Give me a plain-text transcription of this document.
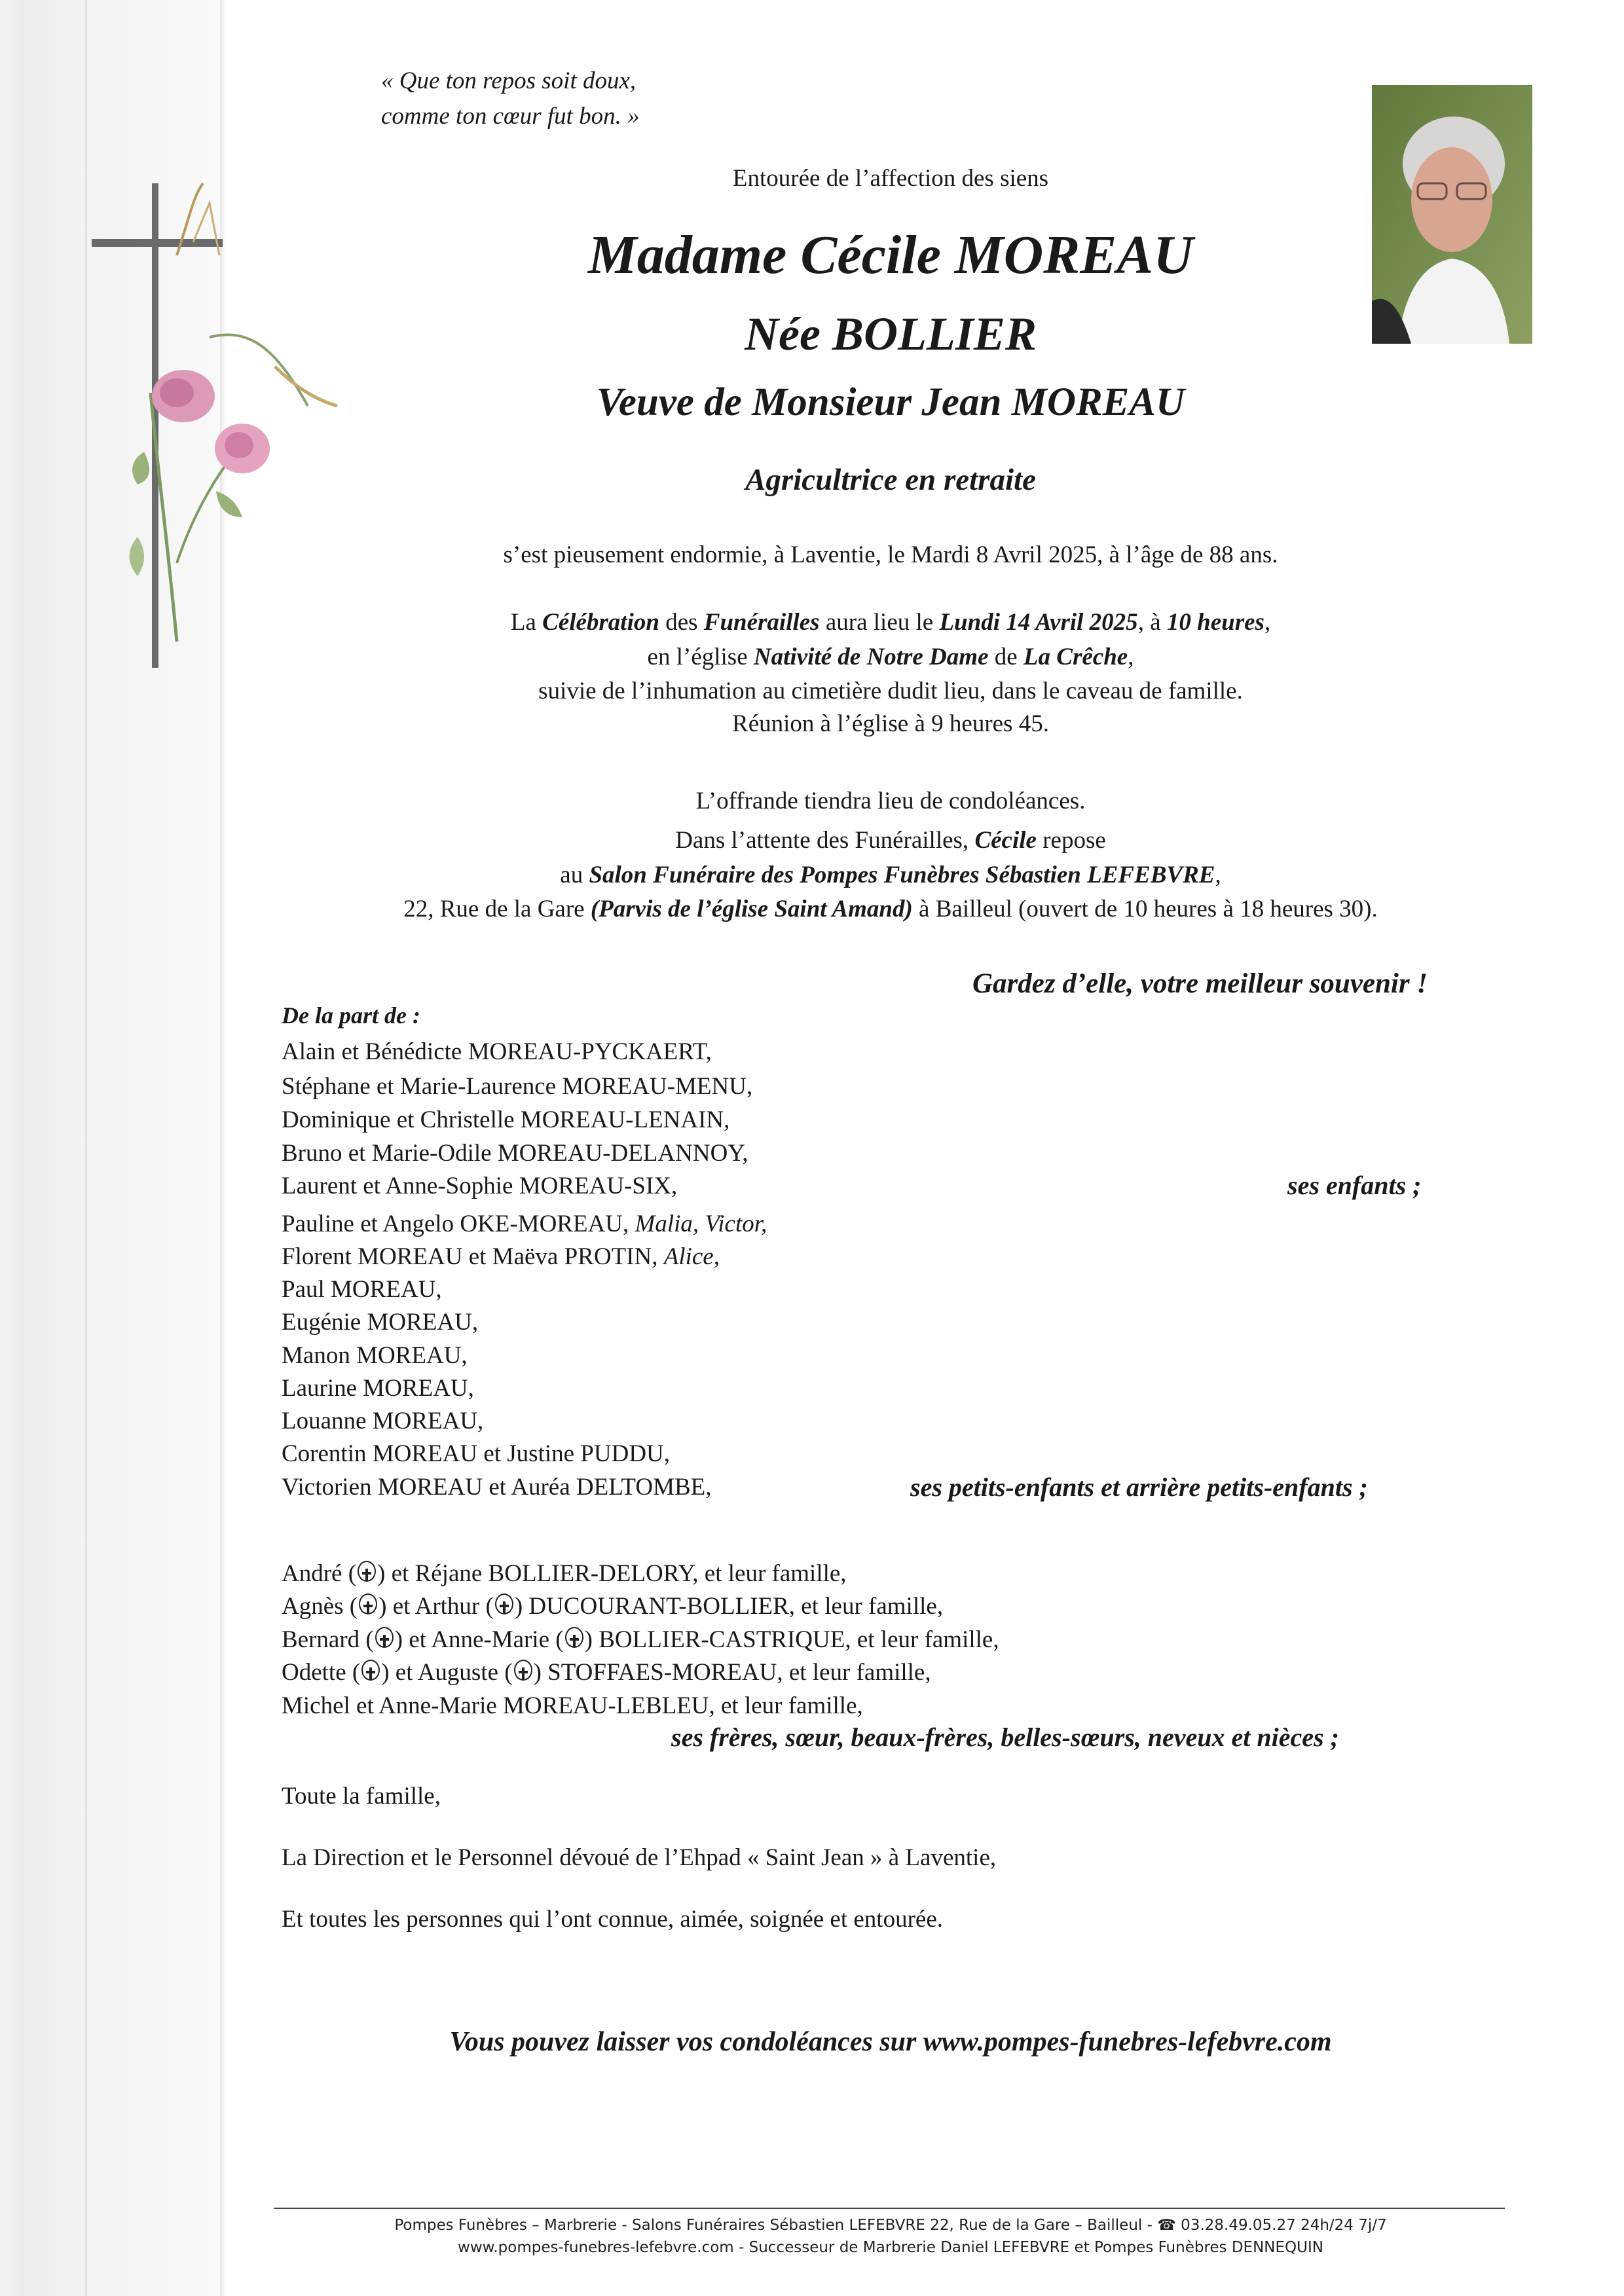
« Que ton repos soit doux,
comme ton cœur fut bon. »
Entourée de l’affection des siens
Madame Cécile MOREAU
Née BOLLIER
Veuve de Monsieur Jean MOREAU
Agricultrice en retraite
s’est pieusement endormie, à Laventie, le Mardi 8 Avril 2025, à l’âge de 88 ans.
La Célébration des Funérailles aura lieu le Lundi 14 Avril 2025, à 10 heures,
en l’église Nativité de Notre Dame de La Crêche,
suivie de l’inhumation au cimetière dudit lieu, dans le caveau de famille.
Réunion à l’église à 9 heures 45.
L’offrande tiendra lieu de condoléances.
Dans l’attente des Funérailles, Cécile repose
au Salon Funéraire des Pompes Funèbres Sébastien LEFEBVRE,
22, Rue de la Gare (Parvis de l’église Saint Amand) à Bailleul (ouvert de 10 heures à 18 heures 30).
Gardez d’elle, votre meilleur souvenir !
De la part de :
Alain et Bénédicte MOREAU-PYCKAERT,
Stéphane et Marie-Laurence MOREAU-MENU,
Dominique et Christelle MOREAU-LENAIN,
Bruno et Marie-Odile MOREAU-DELANNOY,
Laurent et Anne-Sophie MOREAU-SIX,	ses enfants ;
Pauline et Angelo OKE-MOREAU, Malia, Victor,
Florent MOREAU et Maëva PROTIN, Alice,
Paul MOREAU,
Eugénie MOREAU,
Manon MOREAU,
Laurine MOREAU,
Louanne MOREAU,
Corentin MOREAU et Justine PUDDU,
Victorien MOREAU et Auréa DELTOMBE,	ses petits-enfants et arrière petits-enfants ;
André ( ) et Réjane BOLLIER-DELORY, et leur famille,
Agnès ( ) et Arthur ( ) DUCOURANT-BOLLIER, et leur famille,
Bernard ( ) et Anne-Marie ( ) BOLLIER-CASTRIQUE, et leur famille,
Odette ( ) et Auguste ( ) STOFFAES-MOREAU, et leur famille,
Michel et Anne-Marie MOREAU-LEBLEU, et leur famille,
ses frères, sœur, beaux-frères, belles-sœurs, neveux et nièces ;
Toute la famille,
La Direction et le Personnel dévoué de l’Ehpad « Saint Jean » à Laventie,
Et toutes les personnes qui l’ont connue, aimée, soignée et entourée.
Vous pouvez laisser vos condoléances sur www.pompes-funebres-lefebvre.com
Pompes Funèbres – Marbrerie - Salons Funéraires Sébastien LEFEBVRE 22, Rue de la Gare – Bailleul - ☎ 03.28.49.05.27 24h/24 7j/7
www.pompes-funebres-lefebvre.com - Successeur de Marbrerie Daniel LEFEBVRE et Pompes Funèbres DENNEQUIN
